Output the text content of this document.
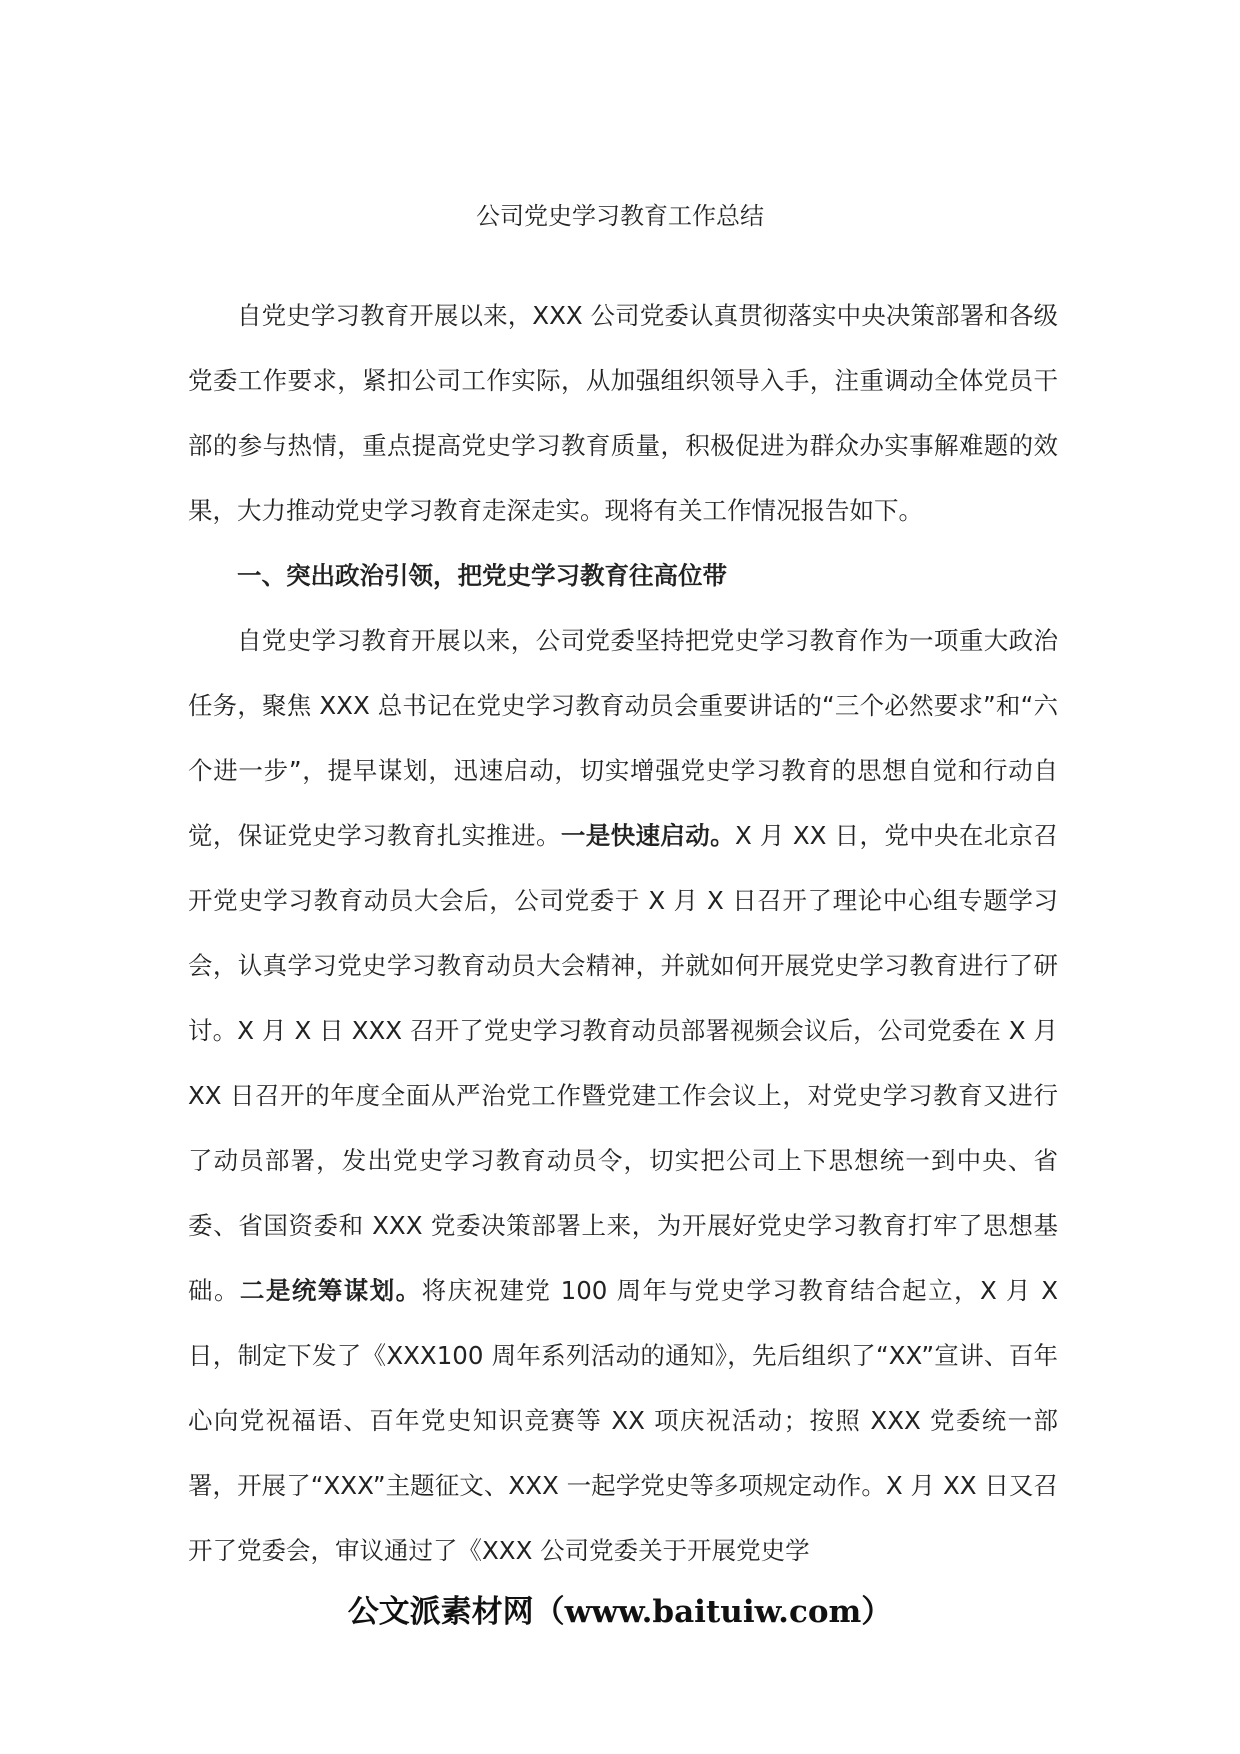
公司党史学习教育工作总结

自党史学习教育开展以来，XXX 公司党委认真贯彻落实中央决策部署和各级党委工作要求，紧扣公司工作实际，从加强组织领导入手，注重调动全体党员干部的参与热情，重点提高党史学习教育质量，积极促进为群众办实事解难题的效果，大力推动党史学习教育走深走实。现将有关工作情况报告如下。

一、突出政治引领，把党史学习教育往高位带

自党史学习教育开展以来，公司党委坚持把党史学习教育作为一项重大政治任务，聚焦 XXX 总书记在党史学习教育动员会重要讲话的“三个必然要求”和“六个进一步”，提早谋划，迅速启动，切实增强党史学习教育的思想自觉和行动自觉，保证党史学习教育扎实推进。一是快速启动。X 月 XX 日，党中央在北京召开党史学习教育动员大会后，公司党委于 X 月 X 日召开了理论中心组专题学习会，认真学习党史学习教育动员大会精神，并就如何开展党史学习教育进行了研讨。X 月 X 日 XXX 召开了党史学习教育动员部署视频会议后，公司党委在 X 月 XX 日召开的年度全面从严治党工作暨党建工作会议上，对党史学习教育又进行了动员部署，发出党史学习教育动员令，切实把公司上下思想统一到中央、省委、省国资委和 XXX 党委决策部署上来，为开展好党史学习教育打牢了思想基础。二是统筹谋划。将庆祝建党 100 周年与党史学习教育结合起立，X 月 X 日，制定下发了《XXX100 周年系列活动的通知》，先后组织了“XX”宣讲、百年心向党祝福语、百年党史知识竞赛等 XX 项庆祝活动；按照 XXX 党委统一部署，开展了“XXX”主题征文、XXX 一起学党史等多项规定动作。X 月 XX 日又召开了党委会，审议通过了《XXX 公司党委关于开展党史学

公文派素材网（www.baituiw.com）
